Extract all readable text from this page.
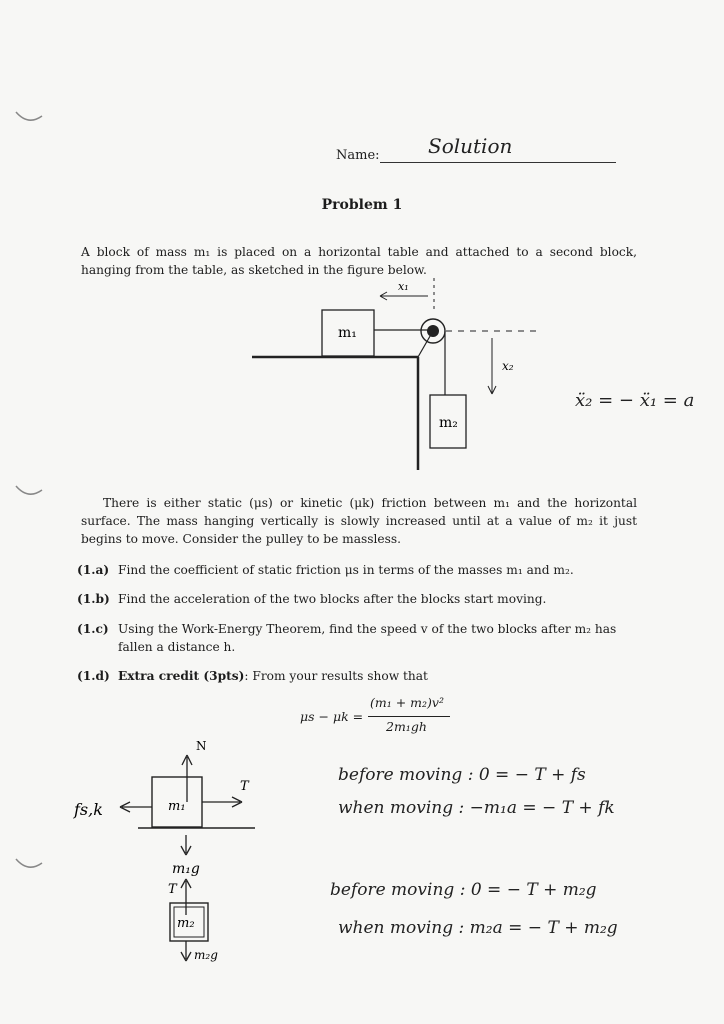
Name: Solution
Problem 1
A block of mass m₁ is placed on a horizontal table and attached to a second block, hanging from the table, as sketched in the figure below.
m₁
m₂
x₁
x₂
ẍ₂ = − ẍ₁ = a
There is either static (μs) or kinetic (μk) friction between m₁ and the horizontal surface. The mass hanging vertically is slowly increased until at a value of m₂ it just begins to move. Consider the pulley to be massless.
(1.a) Find the coefficient of static friction μs in terms of the masses m₁ and m₂.
(1.b) Find the acceleration of the two blocks after the blocks start moving.
(1.c) Using the Work-Energy Theorem, find the speed v of the two blocks after m₂ has fallen a distance h.
(1.d) Extra credit (3pts): From your results show that
μs − μk =
(m₁ + m₂)v²
2m₁gh
N
T
fs,k	m₁
m₁g
T
m₂
m₂g
before moving : 0 = − T + fs
when moving : −m₁a = − T + fk
before moving : 0 = − T + m₂g
when moving : m₂a = − T + m₂g
